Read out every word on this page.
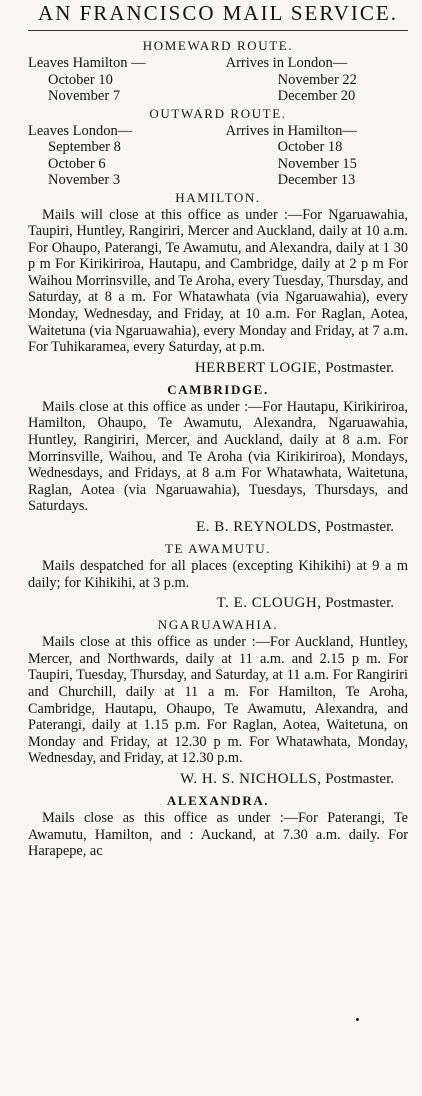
AN FRANCISCO MAIL SERVICE.
HOMEWARD ROUTE.
Leaves Hamilton —
October 10
November 7
Arrives in London—
November 22
December 20
OUTWARD ROUTE.
Leaves London—
September 8
October 6
November 3
Arrives in Hamilton—
October 18
November 15
December 13
HAMILTON.

Mails will close at this office as under :—For Ngaruawahia, Taupiri, Huntley, Rangiriri, Mercer and Auckland, daily at 10 a.m. For Ohaupo, Paterangi, Te Awamutu, and Alexandra, daily at 1 30 p m For Kirikiriroa, Hautapu, and Cambridge, daily at 2 p m For Waihou Morrinsville, and Te Aroha, every Tuesday, Thursday, and Saturday, at 8 a m. For Whatawhata (via Ngaruawahia), every Monday, Wednesday, and Friday, at 10 a.m. For Raglan, Aotea, Waitetuna (via Ngaruawahia), every Monday and Friday, at 7 a.m. For Tuhikaramea, every Saturday, at p.m.

HERBERT LOGIE, Postmaster.
CAMBRIDGE.

Mails close at this office as under :—For Hautapu, Kirikiriroa, Hamilton, Ohaupo, Te Awamutu, Alexandra, Ngaruawahia, Huntley, Rangiriri, Mercer, and Auckland, daily at 8 a.m. For Morrinsville, Waihou, and Te Aroha (via Kirikiriroa), Mondays, Wednesdays, and Fridays, at 8 a.m For Whatawhata, Waitetuna, Raglan, Aotea (via Ngaruawahia), Tuesdays, Thursdays, and Saturdays.

E. B. REYNOLDS, Postmaster.
TE AWAMUTU.

Mails despatched for all places (excepting Kihikihi) at 9 a m daily; for Kihikihi, at 3 p.m.

T. E. CLOUGH, Postmaster.
NGARUAWAHIA.

Mails close at this office as under :—For Auckland, Huntley, Mercer, and Northwards, daily at 11 a.m. and 2.15 p m. For Taupiri, Tuesday, Thursday, and Saturday, at 11 a.m. For Rangiriri and Churchill, daily at 11 a m. For Hamilton, Te Aroha, Cambridge, Hautapu, Ohaupo, Te Awamutu, Alexandra, and Paterangi, daily at 1.15 p.m. For Raglan, Aotea, Waitetuna, on Monday and Friday, at 12.30 p m. For Whatawhata, Monday, Wednesday, and Friday, at 12.30 p.m.

W. H. S. NICHOLLS, Postmaster.
ALEXANDRA.

Mails close as this office as under :—For Paterangi, Te Awamutu, Hamilton, and : Auckand, at 7.30 a.m. daily. For Harapepe, ac
